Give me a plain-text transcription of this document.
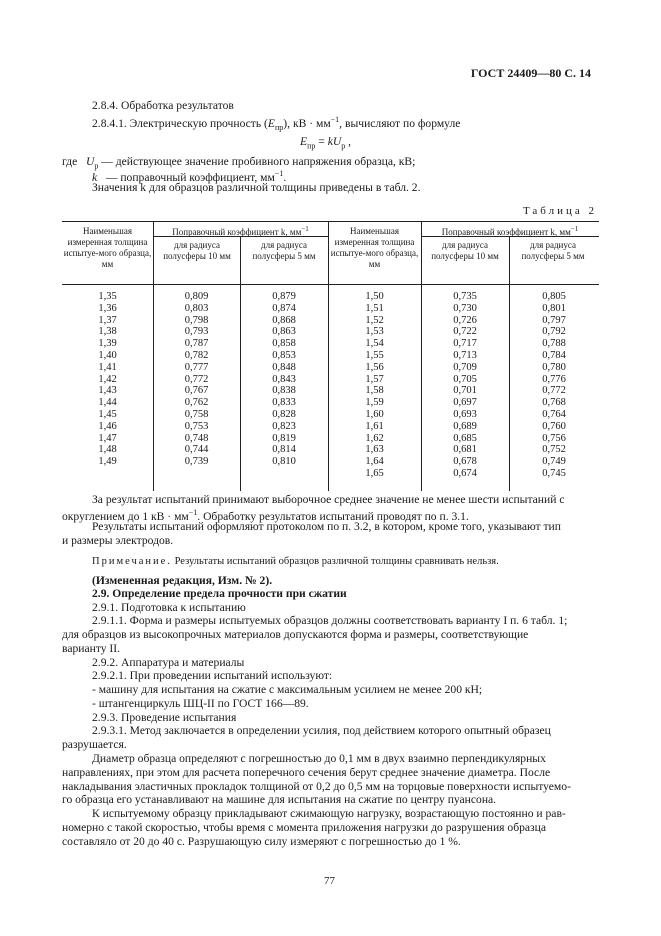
ГОСТ 24409—80 С. 14
2.8.4. Обработка результатов
2.8.4.1. Электрическую прочность $(E_{пр})$, кВ · $мм^{-1}$, вычисляют по формуле
$E_{пр} = kU_p$ ,
где $U_p$ — действующее значение пробивного напряжения образца, кВ;
k   — поправочный коэффициент, $мм^{-1}$.
Значения k для образцов различной толщины приведены в табл. 2.
Таблица 2
Наименьшая измеренная толщина испытуе-мого образца, мм
Поправочный коэффициент k, $мм^{-1}$
для радиуса полусферы 10 мм
для радиуса полусферы 5 мм
Наименьшая измеренная толщина испытуе-мого образца, мм
Поправочный коэффициент k, $мм^{-1}$
для радиуса полусферы 10 мм
для радиуса полусферы 5 мм
1,35
1,36
1,37
1,38
1,39
1,40
1,41
1,42
1,43
1,44
1,45
1,46
1,47
1,48
1,49
0,809
0,803
0,798
0,793
0,787
0,782
0,777
0,772
0,767
0,762
0,758
0,753
0,748
0,744
0,739
0,879
0,874
0,868
0,863
0,858
0,853
0,848
0,843
0,838
0,833
0,828
0,823
0,819
0,814
0,810
1,50
1,51
1,52
1,53
1,54
1,55
1,56
1,57
1,58
1,59
1,60
1,61
1,62
1,63
1,64
1,65
0,735
0,730
0,726
0,722
0,717
0,713
0,709
0,705
0,701
0,697
0,693
0,689
0,685
0,681
0,678
0,674
0,805
0,801
0,797
0,792
0,788
0,784
0,780
0,776
0,772
0,768
0,764
0,760
0,756
0,752
0,749
0,745
За результат испытаний принимают выборочное среднее значение не менее шести испытаний с
округлением до 1 кВ · $мм^{-1}$. Обработку результатов испытаний проводят по п. 3.1.
Результаты испытаний оформляют протоколом по п. 3.2, в котором, кроме того, указывают тип
и размеры электродов.
Примечание. Результаты испытаний образцов различной толщины сравнивать нельзя.
(Измененная редакция, Изм. № 2).
2.9. Определение предела прочности при сжатии
2.9.1. Подготовка к испытанию
2.9.1.1. Форма и размеры испытуемых образцов должны соответствовать варианту I п. 6 табл. 1;
для образцов из высокопрочных материалов допускаются форма и размеры, соответствующие
варианту II.
2.9.2. Аппаратура и материалы
2.9.2.1. При проведении испытаний используют:
- машину для испытания на сжатие с максимальным усилием не менее 200 кН;
- штангенциркуль ШЦ-II по ГОСТ 166—89.
2.9.3. Проведение испытания
2.9.3.1. Метод заключается в определении усилия, под действием которого опытный образец
разрушается.
Диаметр образца определяют с погрешностью до 0,1 мм в двух взаимно перпендикулярных
направлениях, при этом для расчета поперечного сечения берут среднее значение диаметра. После
накладывания эластичных прокладок толщиной от 0,2 до 0,5 мм на торцовые поверхности испытуемо-
го образца его устанавливают на машине для испытания на сжатие по центру пуансона.
К испытуемому образцу прикладывают сжимающую нагрузку, возрастающую постоянно и рав-
номерно с такой скоростью, чтобы время с момента приложения нагрузки до разрушения образца
составляло от 20 до 40 с. Разрушающую силу измеряют с погрешностью до 1 %.
77
